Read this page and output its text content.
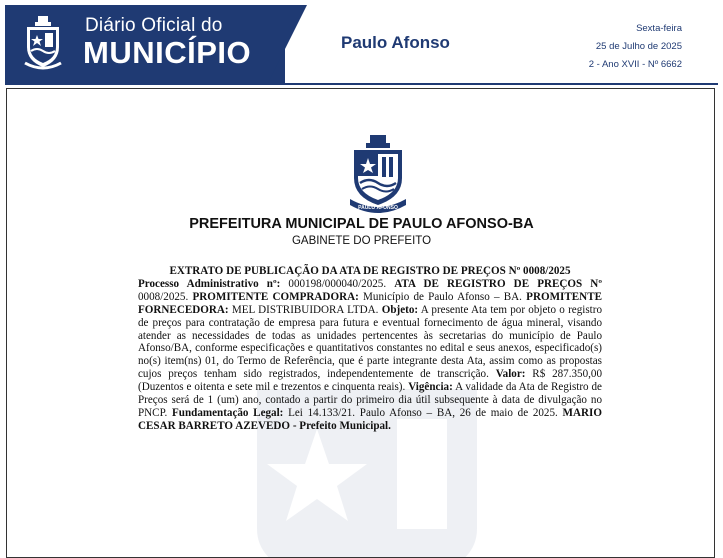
Diário Oficial do
MUNICÍPIO	Paulo Afonso
Sexta-feira
25 de Julho de 2025
2 - Ano XVII - Nº 6662
PAULO AFONSO
PREFEITURA MUNICIPAL DE PAULO AFONSO-BA
GABINETE DO PREFEITO
EXTRATO DE PUBLICAÇÃO DA ATA DE REGISTRO DE PREÇOS Nº 0008/2025
Processo Administrativo nº: 000198/000040/2025. ATA DE REGISTRO DE PREÇOS Nº 0008/2025. PROMITENTE COMPRADORA: Município de Paulo Afonso – BA. PROMITENTE FORNECEDORA: MEL DISTRIBUIDORA LTDA. Objeto: A presente Ata tem por objeto o registro de preços para contratação de empresa para futura e eventual fornecimento de água mineral, visando atender as necessidades de todas as unidades pertencentes às secretarias do município de Paulo Afonso/BA, conforme especificações e quantitativos constantes no edital e seus anexos, especificado(s) no(s) item(ns) 01, do Termo de Referência, que é parte integrante desta Ata, assim como as propostas cujos preços tenham sido registrados, independentemente de transcrição. Valor: R$ 287.350,00 (Duzentos e oitenta e sete mil e trezentos e cinquenta reais). Vigência: A validade da Ata de Registro de Preços será de 1 (um) ano, contado a partir do primeiro dia útil subsequente à data de divulgação no PNCP. Fundamentação Legal: Lei 14.133/21. Paulo Afonso – BA, 26 de maio de 2025. MARIO CESAR BARRETO AZEVEDO - Prefeito Municipal.
